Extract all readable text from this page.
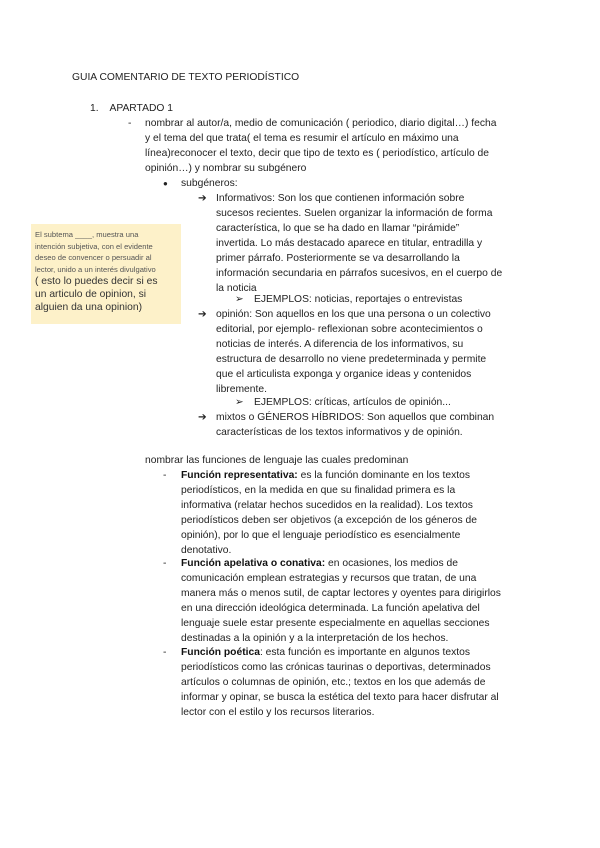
GUIA COMENTARIO DE TEXTO PERIODÍSTICO
1. APARTADO 1
- nombrar al autor/a, medio de comunicación ( periodico, diario digital…) fecha
y el tema del que trata( el tema es resumir el artículo en máximo una
línea)reconocer el texto, decir que tipo de texto es ( periodístico, artículo de
opinión…) y nombrar su subgénero
● subgéneros:
➔ Informativos: Son los que contienen información sobre
sucesos recientes. Suelen organizar la información de forma
característica, lo que se ha dado en llamar “pirámide”
invertida. Lo más destacado aparece en titular, entradilla y
primer párrafo. Posteriormente se va desarrollando la
información secundaria en párrafos sucesivos, en el cuerpo de
la noticia
➢ EJEMPLOS: noticias, reportajes o entrevistas
➔ opinión: Son aquellos en los que una persona o un colectivo
editorial, por ejemplo- reflexionan sobre acontecimientos o
noticias de interés. A diferencia de los informativos, su
estructura de desarrollo no viene predeterminada y permite
que el articulista exponga y organice ideas y contenidos
libremente.
➢ EJEMPLOS: críticas, artículos de opinión...
➔ mixtos o GÉNEROS HÍBRIDOS: Son aquellos que combinan
características de los textos informativos y de opinión.
El subtema ____, muestra una
intención subjetiva, con el evidente
deseo de convencer o persuadir al
lector, unido a un interés divulgativo
( esto lo puedes decir si es
un articulo de opinion, si
alguien da una opinion)
nombrar las funciones de lenguaje las cuales predominan
- Función representativa: es la función dominante en los textos
periodísticos, en la medida en que su finalidad primera es la
informativa (relatar hechos sucedidos en la realidad). Los textos
periodísticos deben ser objetivos (a excepción de los géneros de
opinión), por lo que el lenguaje periodístico es esencialmente
denotativo.
- Función apelativa o conativa: en ocasiones, los medios de
comunicación emplean estrategias y recursos que tratan, de una
manera más o menos sutil, de captar lectores y oyentes para dirigirlos
en una dirección ideológica determinada. La función apelativa del
lenguaje suele estar presente especialmente en aquellas secciones
destinadas a la opinión y a la interpretación de los hechos.
- Función poética: esta función es importante en algunos textos
periodísticos como las crónicas taurinas o deportivas, determinados
artículos o columnas de opinión, etc.; textos en los que además de
informar y opinar, se busca la estética del texto para hacer disfrutar al
lector con el estilo y los recursos literarios.
